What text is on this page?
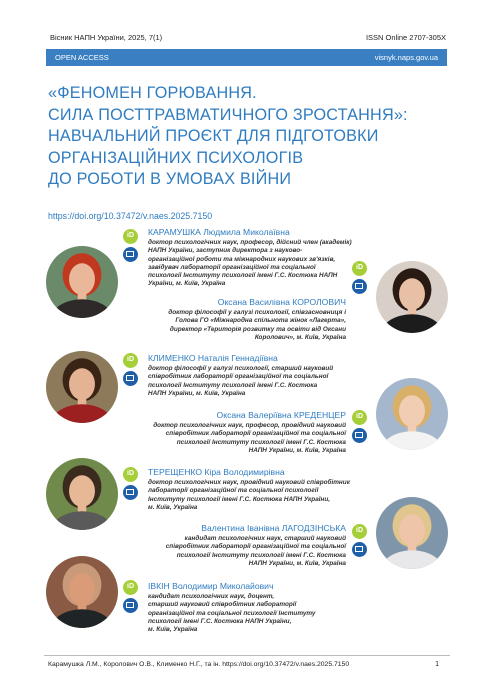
Вісник НАПН України, 2025, 7(1)	ISSN Online 2707-305X
OPEN ACCESS	visnyk.naps.gov.ua
«ФЕНОМЕН ГОРЮВАННЯ.
СИЛА ПОСТТРАВМАТИЧНОГО ЗРОСТАННЯ»:
НАВЧАЛЬНИЙ ПРОЄКТ ДЛЯ ПІДГОТОВКИ
ОРГАНІЗАЦІЙНИХ ПСИХОЛОГІВ
ДО РОБОТИ В УМОВАХ ВІЙНИ
https://doi.org/10.37472/v.naes.2025.7150
iD	КАРАМУШКА Людмила Миколаївна
доктор психологічних наук, професор, дійсний член (академік)
НАПН України, заступник директора з науково-
організаційної роботи та міжнародних наукових зв'язків,
завідувач лабораторії організаційної та соціальної
психології Інституту психології імені Г.С. Костюка НАПН
України, м. Київ, Україна
iD
Оксана Василівна КОРОЛОВИЧ
доктор філософії у галузі психології, співзасновниця і
Голова ГО «Міжнародна спільнота жінок «Лагерта»,
директор «Територія розвитку та освіти від Оксани
Королович», м. Київ, Україна
iD	КЛИМЕНКО Наталія Геннадіївна
доктор філософії у галузі психології, старший науковий
співробітник лабораторії організаційної та соціальної
психології Інституту психології імені Г.С. Костюка
НАПН України, м. Київ, Україна
iD
Оксана Валеріївна КРЕДЕНЦЕР
доктор психологічних наук, професор, провідний науковий
співробітник лабораторії організаційної та соціальної
психології Інституту психології імені Г.С. Костюка
НАПН України, м. Київ, Україна
iD	ТЕРЕЩЕНКО Кіра Володимирівна
доктор психологічних наук, провідний науковий співробітник
лабораторії організаційної та соціальної психології
Інституту психології імені Г.С. Костюка НАПН України,
м. Київ, Україна
iD
Валентина Іванівна ЛАГОДЗІНСЬКА
кандидат психологічних наук, старший науковий
співробітник лабораторії організаційної та соціальної
психології Інституту психології імені Г.С. Костюка
НАПН України, м. Київ, Україна
iD	ІВКІН Володимир Миколайович
кандидат психологічних наук, доцент,
старший науковий співробітник лабораторії
організаційної та соціальної психології Інституту
психології імені Г.С. Костюка НАПН України,
м. Київ, Україна
Карамушка Л.М., Королович О.В., Клименко Н.Г., та ін. https://doi.org/10.37472/v.naes.2025.7150	1
